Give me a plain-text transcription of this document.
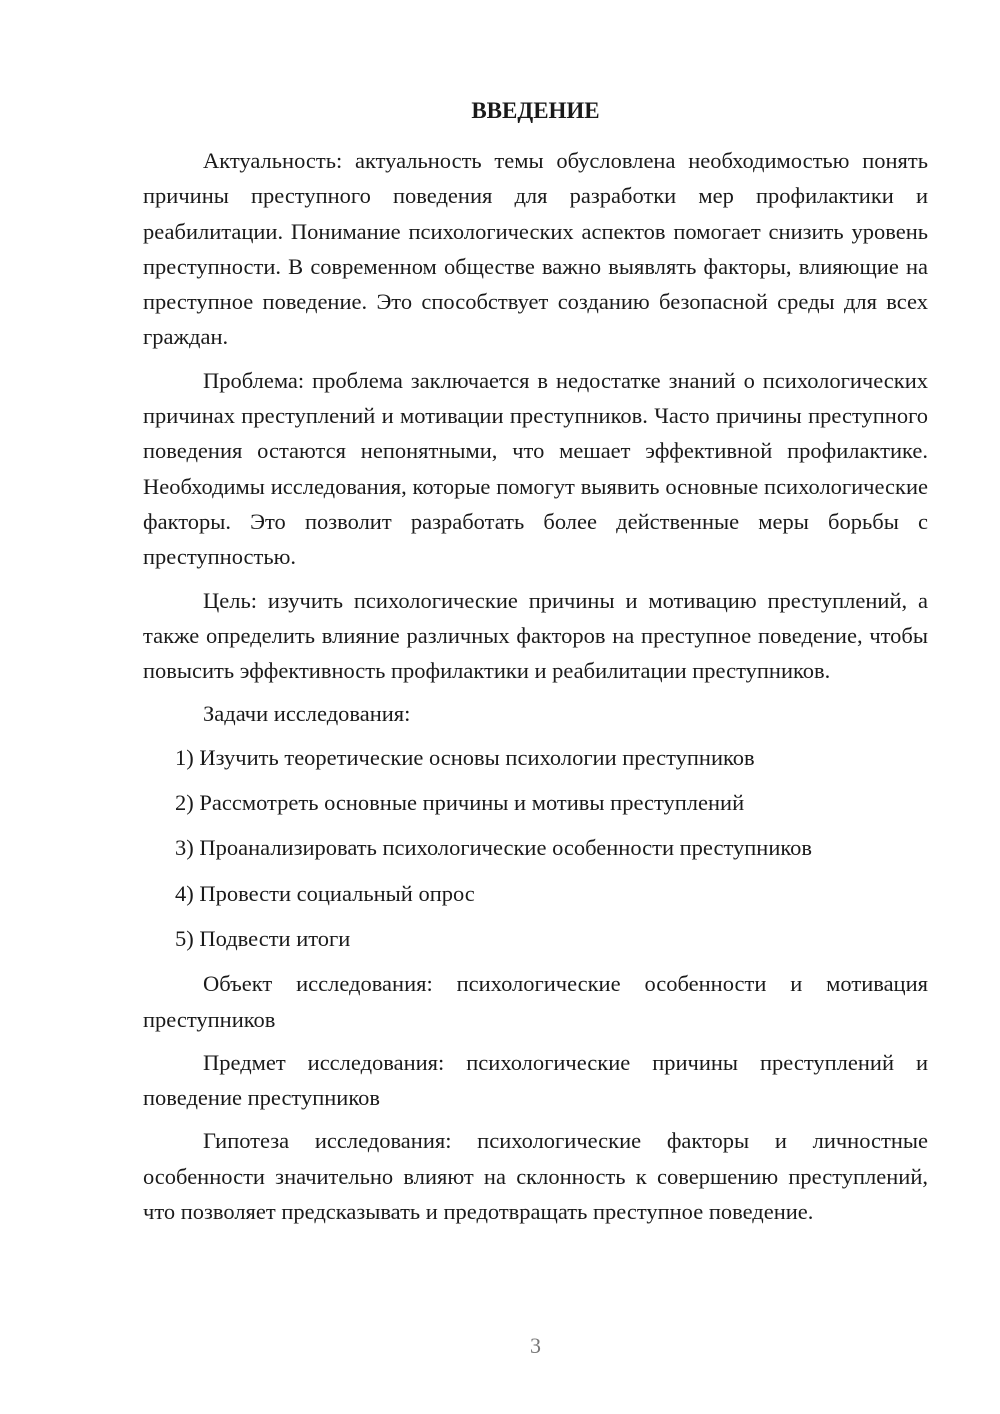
ВВЕДЕНИЕ

Актуальность: актуальность темы обусловлена необходимостью понять причины преступного поведения для разработки мер профилактики и реабилитации. Понимание психологических аспектов помогает снизить уровень преступности. В современном обществе важно выявлять факторы, влияющие на преступное поведение. Это способствует созданию безопасной среды для всех граждан.

Проблема: проблема заключается в недостатке знаний о психологических причинах преступлений и мотивации преступников. Часто причины преступного поведения остаются непонятными, что мешает эффективной профилактике. Необходимы исследования, которые помогут выявить основные психологические факторы. Это позволит разработать более действенные меры борьбы с преступностью.

Цель: изучить психологические причины и мотивацию преступлений, а также определить влияние различных факторов на преступное поведение, чтобы повысить эффективность профилактики и реабилитации преступников.

Задачи исследования:

1) Изучить теоретические основы психологии преступников

2) Рассмотреть основные причины и мотивы преступлений

3) Проанализировать психологические особенности преступников

4) Провести социальный опрос

5) Подвести итоги

Объект исследования: психологические особенности и мотивация преступников

Предмет исследования: психологические причины преступлений и поведение преступников

Гипотеза исследования: психологические факторы и личностные особенности значительно влияют на склонность к совершению преступлений, что позволяет предсказывать и предотвращать преступное поведение.

3
